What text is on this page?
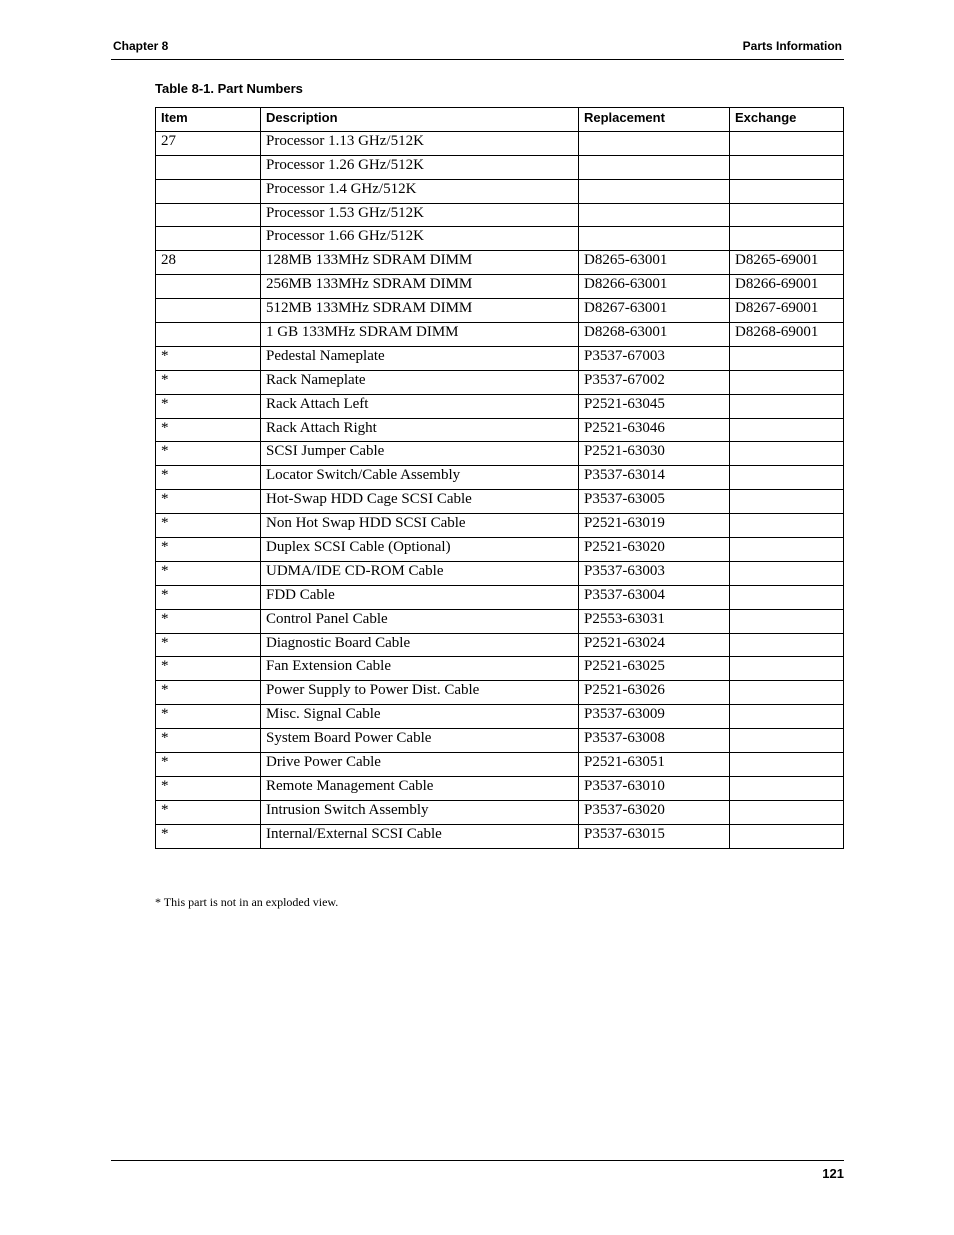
Chapter 8	Parts Information
Table 8-1. Part Numbers
Item	Description	Replacement	Exchange
27	Processor 1.13 GHz/512K		
	Processor 1.26 GHz/512K		
	Processor 1.4 GHz/512K		
	Processor 1.53 GHz/512K		
	Processor 1.66 GHz/512K		
28	128MB 133MHz SDRAM DIMM	D8265-63001	D8265-69001
	256MB 133MHz SDRAM DIMM	D8266-63001	D8266-69001
	512MB 133MHz SDRAM DIMM	D8267-63001	D8267-69001
	1 GB 133MHz SDRAM DIMM	D8268-63001	D8268-69001
*	Pedestal Nameplate	P3537-67003	
*	Rack Nameplate	P3537-67002	
*	Rack Attach Left	P2521-63045	
*	Rack Attach Right	P2521-63046	
*	SCSI Jumper Cable	P2521-63030	
*	Locator Switch/Cable Assembly	P3537-63014	
*	Hot-Swap HDD Cage SCSI Cable	P3537-63005	
*	Non Hot Swap HDD SCSI Cable	P2521-63019	
*	Duplex SCSI Cable (Optional)	P2521-63020	
*	UDMA/IDE CD-ROM Cable	P3537-63003	
*	FDD Cable	P3537-63004	
*	Control Panel Cable	P2553-63031	
*	Diagnostic Board Cable	P2521-63024	
*	Fan Extension Cable	P2521-63025	
*	Power Supply to Power Dist. Cable	P2521-63026	
*	Misc. Signal Cable	P3537-63009	
*	System Board Power Cable	P3537-63008	
*	Drive Power Cable	P2521-63051	
*	Remote Management Cable	P3537-63010	
*	Intrusion Switch Assembly	P3537-63020	
*	Internal/External SCSI Cable	P3537-63015	
* This part is not in an exploded view.
121
